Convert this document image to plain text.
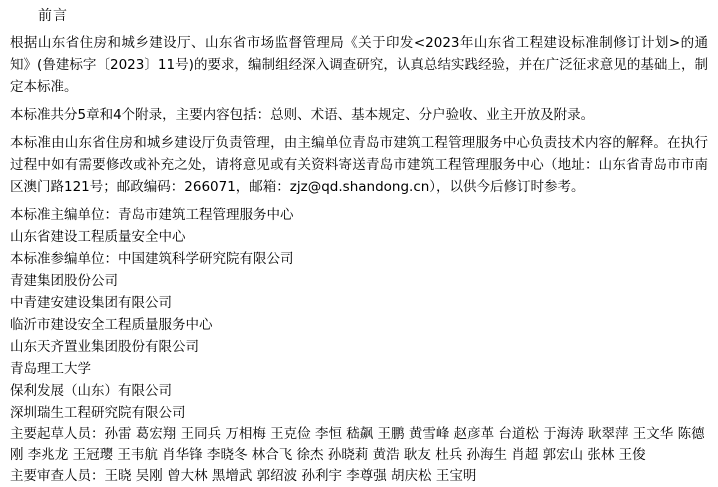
前言
根据山东省住房和城乡建设厅、山东省市场监督管理局《关于印发<2023年山东省工程建设标准制修订计划>的通知》(鲁建标字〔2023〕11号)的要求，编制组经深入调查研究，认真总结实践经验，并在广泛征求意见的基础上，制定本标准。
本标准共分5章和4个附录，主要内容包括：总则、术语、基本规定、分户验收、业主开放及附录。
本标准由山东省住房和城乡建设厅负责管理，由主编单位青岛市建筑工程管理服务中心负责技术内容的解释。在执行过程中如有需要修改或补充之处，请将意见或有关资料寄送青岛市建筑工程管理服务中心（地址：山东省青岛市市南区澳门路121号；邮政编码：266071，邮箱：zjz@qd.shandong.cn），以供今后修订时参考。
本标准主编单位：青岛市建筑工程管理服务中心
山东省建设工程质量安全中心
本标准参编单位：中国建筑科学研究院有限公司
青建集团股份公司
中青建安建设集团有限公司
临沂市建设安全工程质量服务中心
山东天齐置业集团股份有限公司
青岛理工大学
保利发展（山东）有限公司
深圳瑞生工程研究院有限公司
主要起草人员：孙雷 葛宏翔 王同兵 万相梅 王克俭 李恒 嵇飙 王鹏 黄雪峰 赵彦革 台道松 于海涛 耿翠萍 王文华 陈德
刚 李兆龙 王冠璎 王韦航 肖华锋 李晓冬 林合飞 徐杰 孙晓莉 黄浩 耿友 杜兵 孙海生 肖超 郭宏山 张林 王俊
主要审查人员：王晓 吴刚 曾大林 黑增武 郭绍波 孙利宇 李尊强 胡庆松 王宝明
